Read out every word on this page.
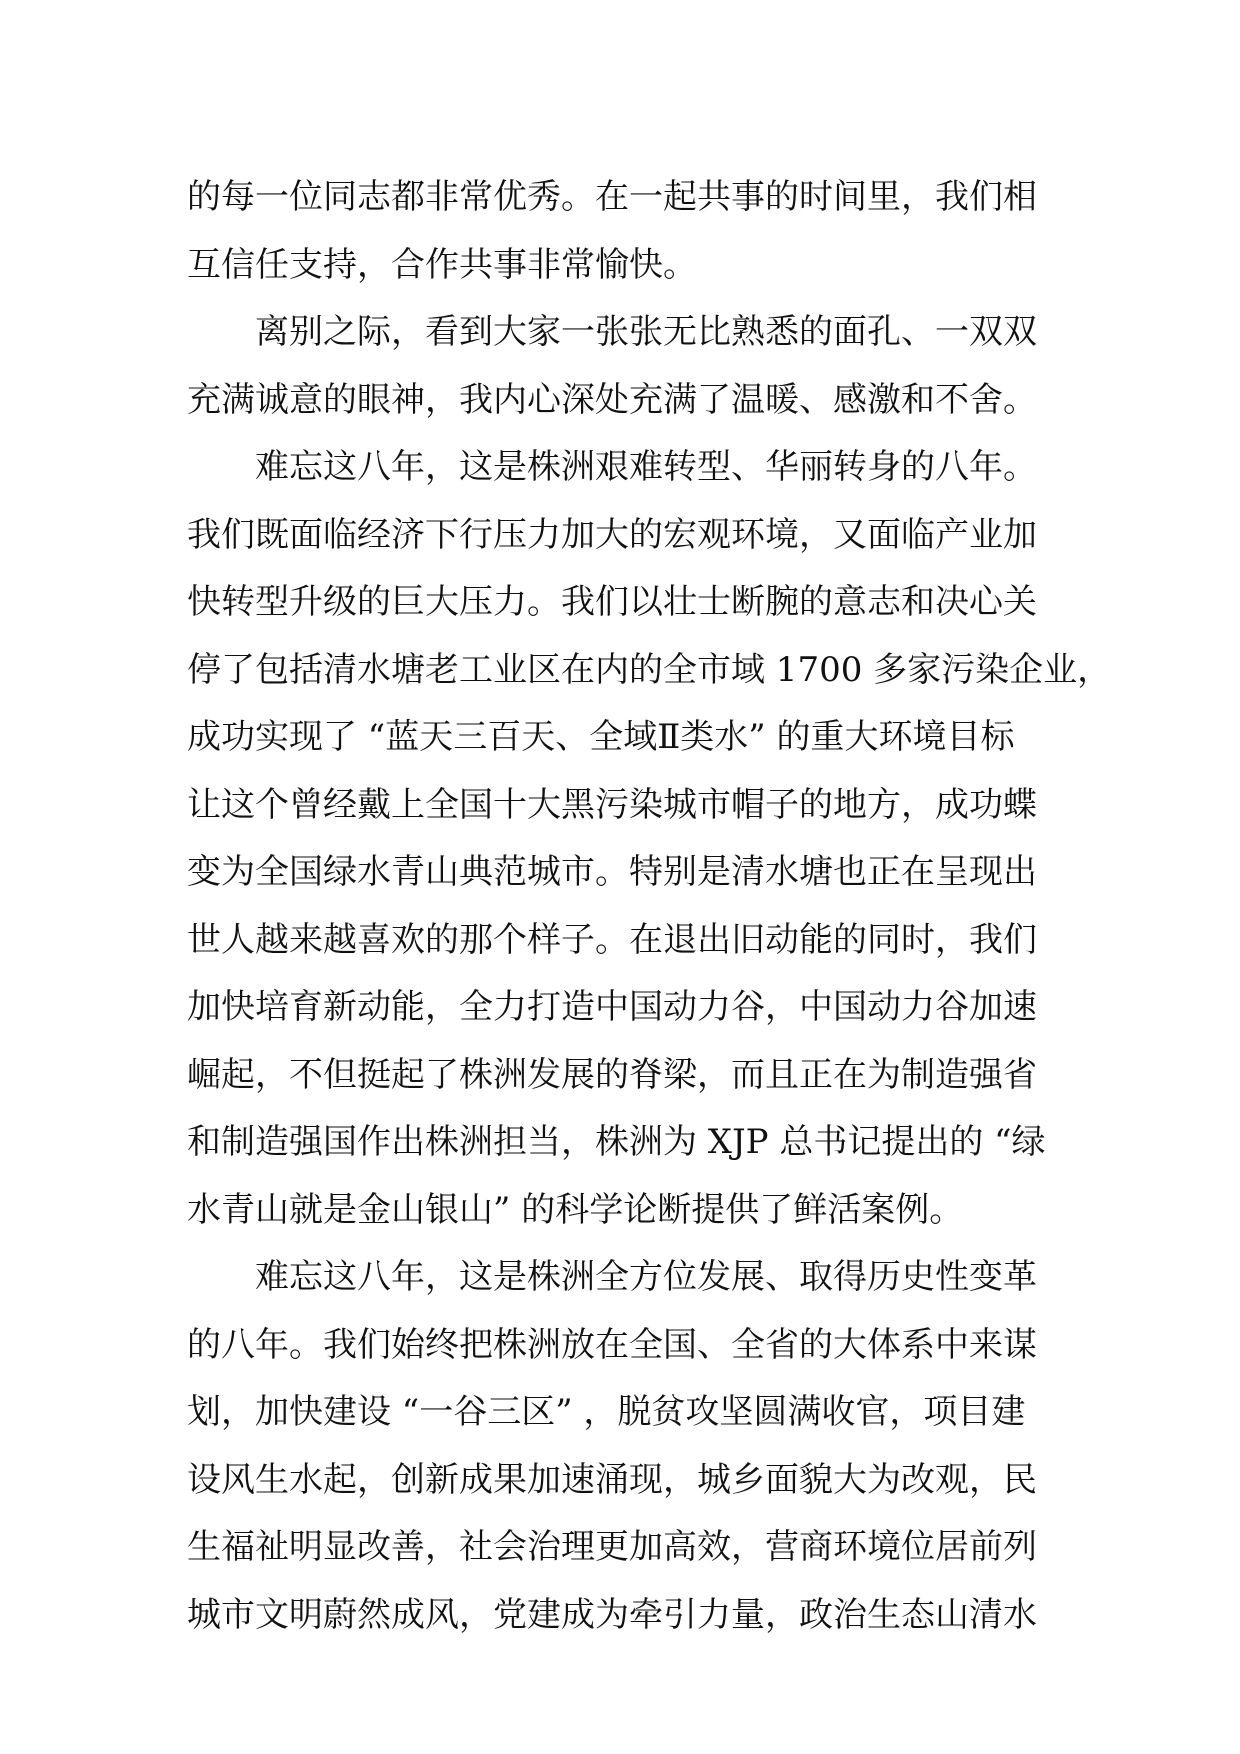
的每一位同志都非常优秀。在一起共事的时间里，我们相
互信任支持，合作共事非常愉快。
离别之际，看到大家一张张无比熟悉的面孔、一双双
充满诚意的眼神，我内心深处充满了温暖、感激和不舍。
难忘这八年，这是株洲艰难转型、华丽转身的八年。
我们既面临经济下行压力加大的宏观环境，又面临产业加
快转型升级的巨大压力。我们以壮士断腕的意志和决心关
停了包括清水塘老工业区在内的全市域 1700 多家污染企业，
成功实现了 “蓝天三百天、全域Ⅱ类水” 的重大环境目标
让这个曾经戴上全国十大黑污染城市帽子的地方，成功蝶
变为全国绿水青山典范城市。特别是清水塘也正在呈现出
世人越来越喜欢的那个样子。在退出旧动能的同时，我们
加快培育新动能，全力打造中国动力谷，中国动力谷加速
崛起，不但挺起了株洲发展的脊梁，而且正在为制造强省
和制造强国作出株洲担当，株洲为 XJP 总书记提出的 “绿
水青山就是金山银山” 的科学论断提供了鲜活案例。
难忘这八年，这是株洲全方位发展、取得历史性变革
的八年。我们始终把株洲放在全国、全省的大体系中来谋
划，加快建设 “一谷三区” ，脱贫攻坚圆满收官，项目建
设风生水起，创新成果加速涌现，城乡面貌大为改观，民
生福祉明显改善，社会治理更加高效，营商环境位居前列
城市文明蔚然成风，党建成为牵引力量，政治生态山清水
